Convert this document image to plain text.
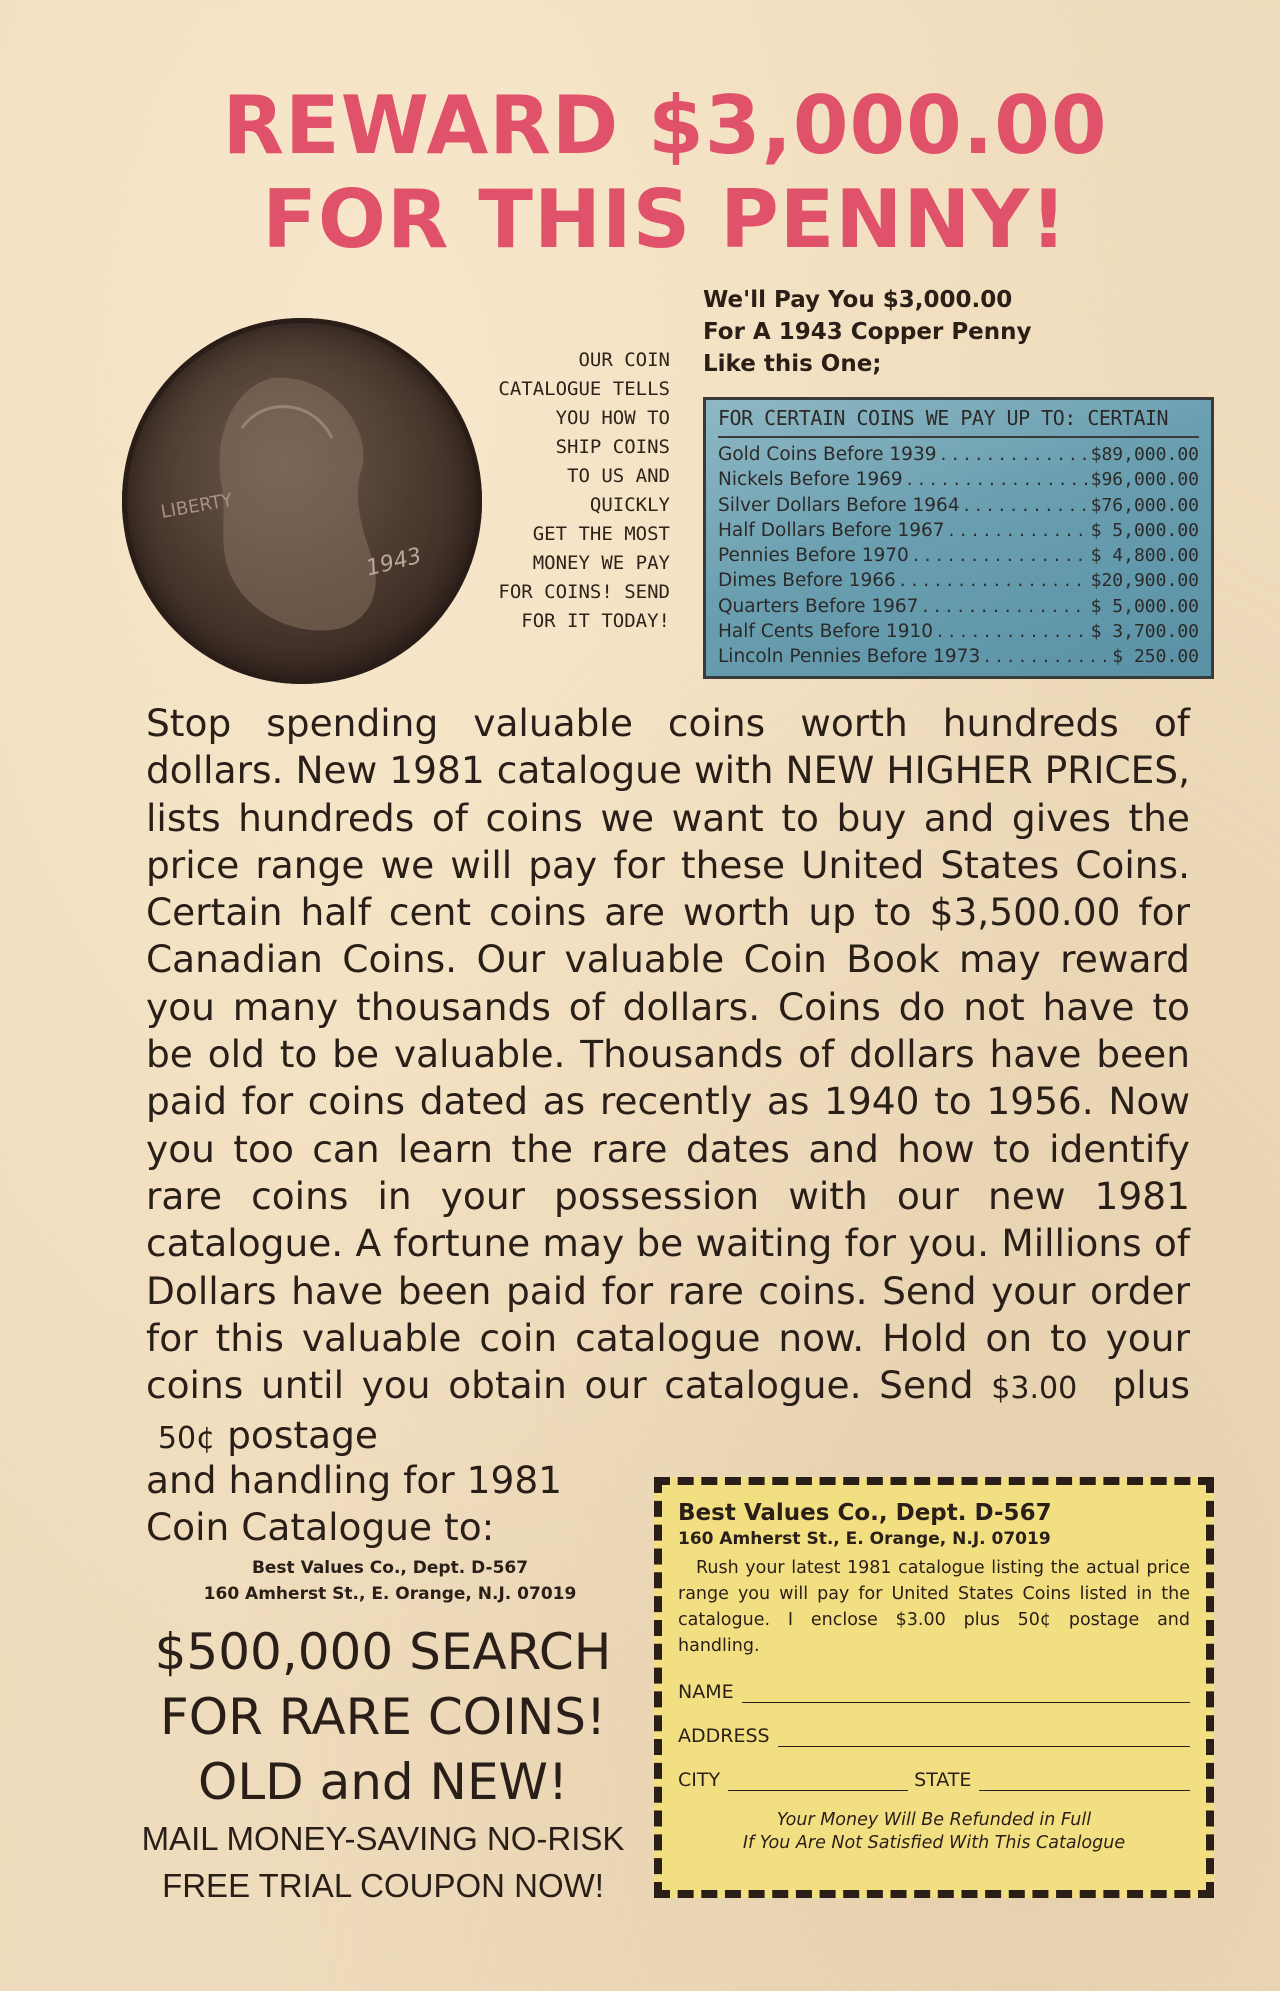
REWARD $3,000.00
FOR THIS PENNY!
LIBERTY
1943
OUR COIN
CATALOGUE TELLS
YOU HOW TO
SHIP COINS
TO US AND
QUICKLY
GET THE MOST
MONEY WE PAY
FOR COINS! SEND
FOR IT TODAY!
We'll Pay You $3,000.00
For A 1943 Copper Penny
Like this One;
FOR CERTAIN COINS WE PAY UP TO: CERTAIN
Gold Coins Before 1939 . . .	$89,000.00
Nickels Before 1969 . . .	$96,000.00
Silver Dollars Before 1964 . . .	$76,000.00
Half Dollars Before 1967 . . .	$ 5,000.00
Pennies Before 1970 . . .	$ 4,800.00
Dimes Before 1966 . . .	$20,900.00
Quarters Before 1967 . . .	$ 5,000.00
Half Cents Before 1910 . . .	$ 3,700.00
Lincoln Pennies Before 1973 . . .	$ 250.00

Stop spending valuable coins worth hundreds of dollars. New 1981 catalogue with NEW HIGHER PRICES, lists hundreds of coins we want to buy and gives the price range we will pay for these United States Coins. Certain half cent coins are worth up to $3,500.00 for Canadian Coins. Our valuable Coin Book may reward you many thousands of dollars. Coins do not have to be old to be valuable. Thousands of dollars have been paid for coins dated as recently as 1940 to 1956. Now you too can learn the rare dates and how to identify rare coins in your possession with our new 1981 catalogue. A fortune may be waiting for you. Millions of Dollars have been paid for rare coins. Send your order for this valuable coin catalogue now. Hold on to your coins until you obtain our catalogue. Send $3.00 plus  50¢ postage

and handling for 1981
Coin Catalogue to:
Best Values Co., Dept. D-567
160 Amherst St., E. Orange, N.J. 07019
$500,000 SEARCH
FOR RARE COINS!
OLD and NEW!
MAIL MONEY-SAVING NO-RISK
FREE TRIAL COUPON NOW!
Best Values Co., Dept. D-567
160 Amherst St., E. Orange, N.J. 07019
Rush your latest 1981 catalogue listing the actual price range you will pay for United States Coins listed in the catalogue. I enclose $3.00 plus 50¢ postage and handling.
NAME
ADDRESS
CITY	STATE
Your Money Will Be Refunded in Full
If You Are Not Satisfied With This Catalogue
